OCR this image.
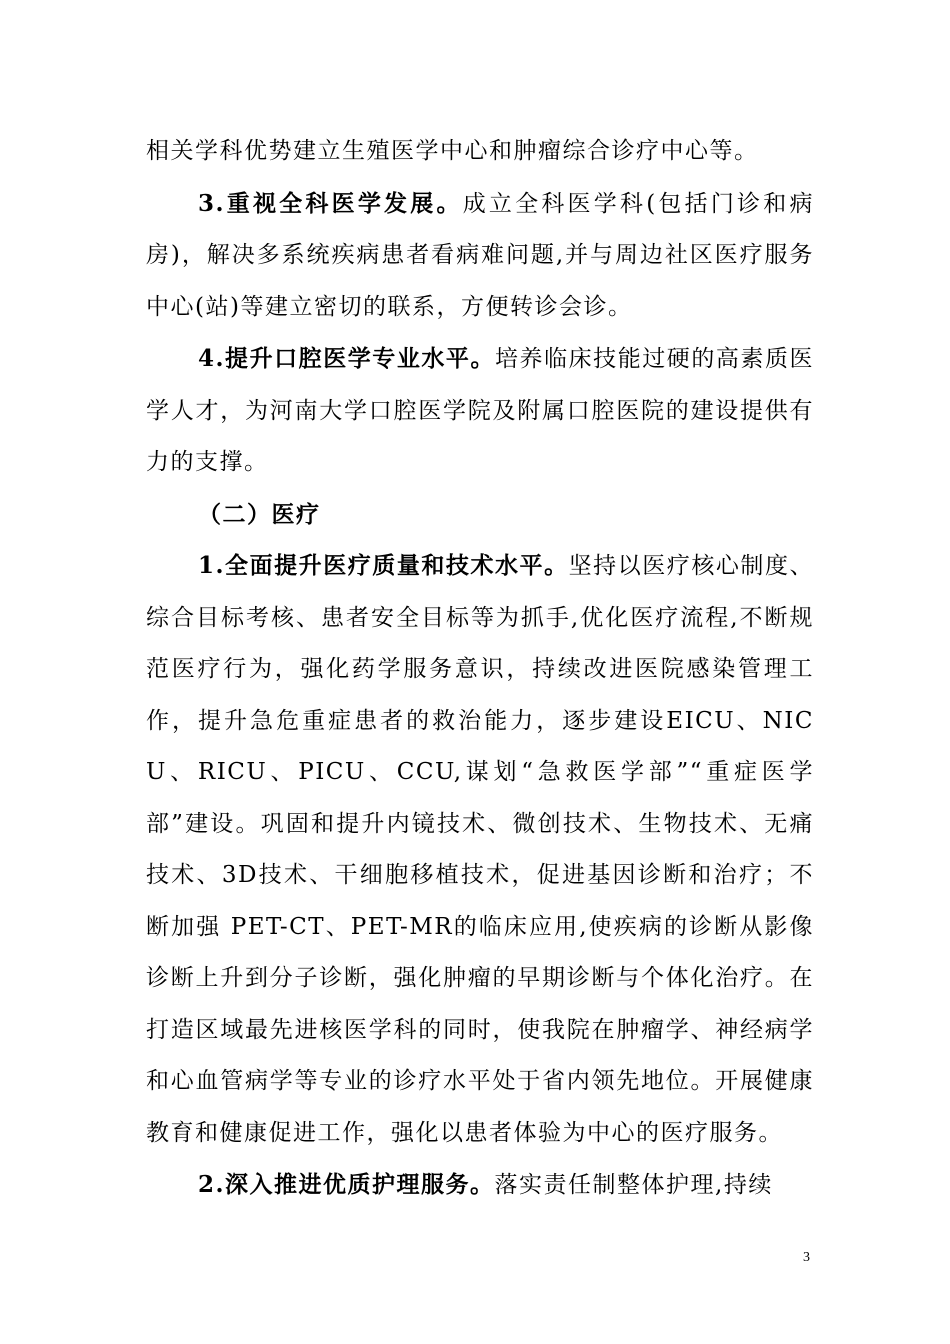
相关学科优势建立生殖医学中心和肿瘤综合诊疗中心等。

3.重视全科医学发展。成立全科医学科(包括门诊和病房)，解决多系统疾病患者看病难问题,并与周边社区医疗服务中心(站)等建立密切的联系，方便转诊会诊。

4.提升口腔医学专业水平。培养临床技能过硬的高素质医学人才，为河南大学口腔医学院及附属口腔医院的建设提供有力的支撑。

（二）医疗

1.全面提升医疗质量和技术水平。坚持以医疗核心制度、综合目标考核、患者安全目标等为抓手,优化医疗流程,不断规范医疗行为，强化药学服务意识，持续改进医院感染管理工作，提升急危重症患者的救治能力，逐步建设EICU、NICU、RICU、PICU、CCU,谋划“急救医学部”“重症医学部”建设。巩固和提升内镜技术、微创技术、生物技术、无痛技术、3D技术、干细胞移植技术，促进基因诊断和治疗；不断加强 PET-CT、PET-MR的临床应用,使疾病的诊断从影像诊断上升到分子诊断，强化肿瘤的早期诊断与个体化治疗。在打造区域最先进核医学科的同时，使我院在肿瘤学、神经病学和心血管病学等专业的诊疗水平处于省内领先地位。开展健康教育和健康促进工作，强化以患者体验为中心的医疗服务。

2.深入推进优质护理服务。落实责任制整体护理,持续

3
